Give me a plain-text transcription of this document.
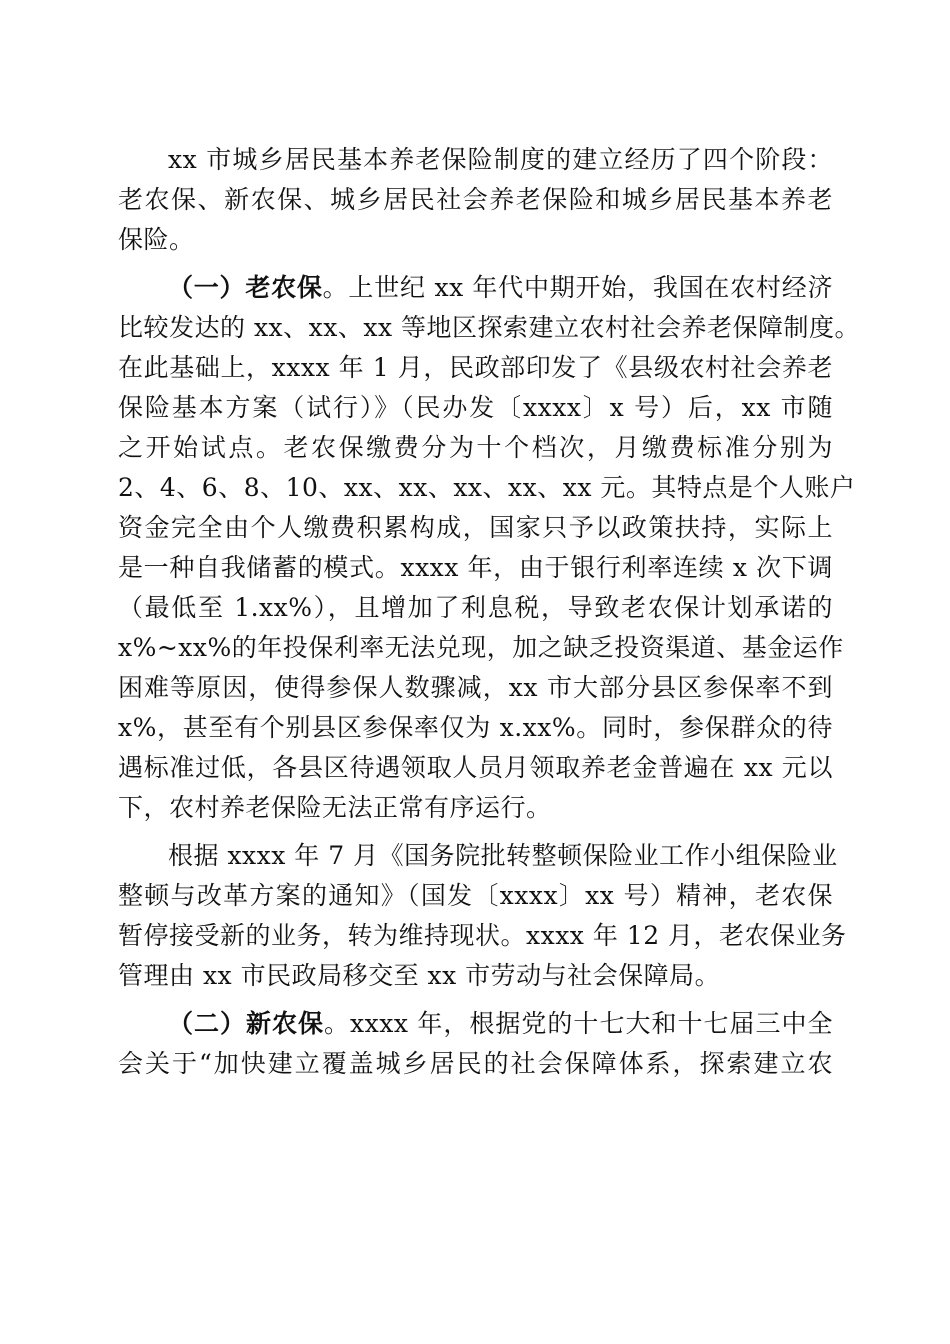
xx 市城乡居民基本养老保险制度的建立经历了四个阶段：
老农保、新农保、城乡居民社会养老保险和城乡居民基本养老
保险。
（一）老农保。上世纪 xx 年代中期开始，我国在农村经济
比较发达的 xx、xx、xx 等地区探索建立农村社会养老保障制度。
在此基础上，xxxx 年 1 月，民政部印发了《县级农村社会养老
保险基本方案（试行）》（民办发〔xxxx〕x 号）后，xx 市随
之开始试点。老农保缴费分为十个档次，月缴费标准分别为
2、4、6、8、10、xx、xx、xx、xx、xx 元。其特点是个人账户
资金完全由个人缴费积累构成，国家只予以政策扶持，实际上
是一种自我储蓄的模式。xxxx 年，由于银行利率连续 x 次下调
（最低至 1.xx%），且增加了利息税，导致老农保计划承诺的
x%~xx%的年投保利率无法兑现，加之缺乏投资渠道、基金运作
困难等原因，使得参保人数骤减，xx 市大部分县区参保率不到
x%，甚至有个别县区参保率仅为 x.xx%。同时，参保群众的待
遇标准过低，各县区待遇领取人员月领取养老金普遍在 xx 元以
下，农村养老保险无法正常有序运行。
根据 xxxx 年 7 月《国务院批转整顿保险业工作小组保险业
整顿与改革方案的通知》（国发〔xxxx〕xx 号）精神，老农保
暂停接受新的业务，转为维持现状。xxxx 年 12 月，老农保业务
管理由 xx 市民政局移交至 xx 市劳动与社会保障局。
（二）新农保。xxxx 年，根据党的十七大和十七届三中全
会关于“加快建立覆盖城乡居民的社会保障体系，探索建立农
